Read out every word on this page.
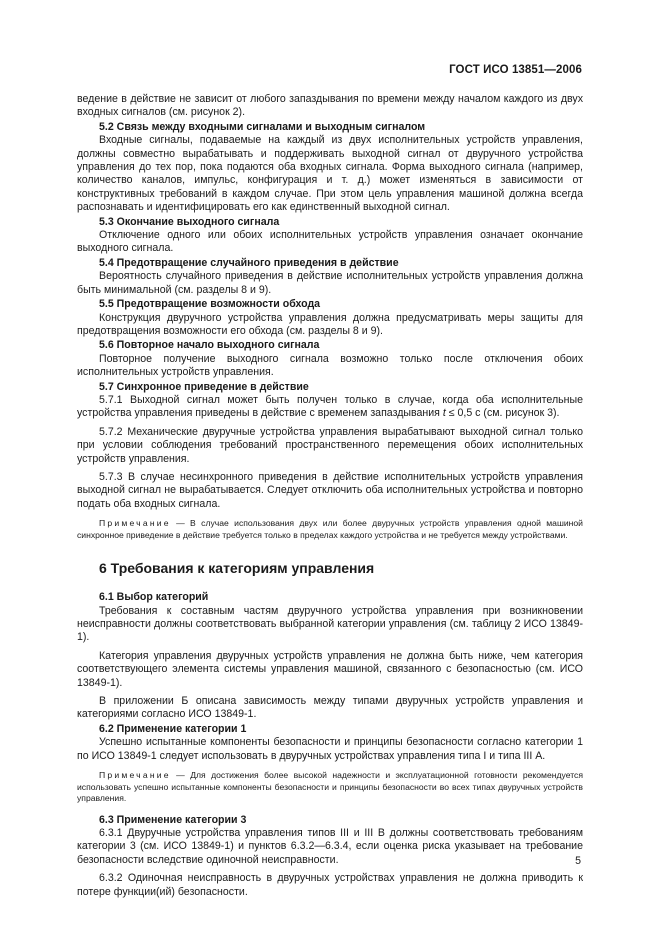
ГОСТ ИСО 13851—2006

ведение в действие не зависит от любого запаздывания по времени между началом каждого из двух входных сигналов (см. рисунок 2).

5.2 Связь между входными сигналами и выходным сигналом

Входные сигналы, подаваемые на каждый из двух исполнительных устройств управления, должны совместно вырабатывать и поддерживать выходной сигнал от двуручного устройства управления до тех пор, пока подаются оба входных сигнала. Форма выходного сигнала (например, количество каналов, импульс, конфигурация и т. д.) может изменяться в зависимости от конструктивных требований в каждом случае. При этом цель управления машиной должна всегда распознавать и идентифицировать его как единственный выходной сигнал.

5.3 Окончание выходного сигнала

Отключение одного или обоих исполнительных устройств управления означает окончание выходного сигнала.

5.4 Предотвращение случайного приведения в действие

Вероятность случайного приведения в действие исполнительных устройств управления должна быть минимальной (см. разделы 8 и 9).

5.5 Предотвращение возможности обхода

Конструкция двуручного устройства управления должна предусматривать меры защиты для предотвращения возможности его обхода (см. разделы 8 и 9).

5.6 Повторное начало выходного сигнала

Повторное получение выходного сигнала возможно только после отключения обоих исполнительных устройств управления.

5.7 Синхронное приведение в действие

5.7.1 Выходной сигнал может быть получен только в случае, когда оба исполнительные устройства управления приведены в действие с временем запаздывания t ≤ 0,5 с (см. рисунок 3).

5.7.2 Механические двуручные устройства управления вырабатывают выходной сигнал только при условии соблюдения требований пространственного перемещения обоих исполнительных устройств управления.

5.7.3 В случае несинхронного приведения в действие исполнительных устройств управления выходной сигнал не вырабатывается. Следует отключить оба исполнительных устройства и повторно подать оба входных сигнала.

Примечание — В случае использования двух или более двуручных устройств управления одной машиной синхронное приведение в действие требуется только в пределах каждого устройства и не требуется между устройствами.

6 Требования к категориям управления

6.1 Выбор категорий

Требования к составным частям двуручного устройства управления при возникновении неисправности должны соответствовать выбранной категории управления (см. таблицу 2 ИСО 13849-1).

Категория управления двуручных устройств управления не должна быть ниже, чем категория соответствующего элемента системы управления машиной, связанного с безопасностью (см. ИСО 13849-1).

В приложении Б описана зависимость между типами двуручных устройств управления и категориями согласно ИСО 13849-1.

6.2 Применение категории 1

Успешно испытанные компоненты безопасности и принципы безопасности согласно категории 1 по ИСО 13849-1 следует использовать в двуручных устройствах управления типа I и типа III А.

Примечание — Для достижения более высокой надежности и эксплуатационной готовности рекомендуется использовать успешно испытанные компоненты безопасности и принципы безопасности во всех типах двуручных устройств управления.

6.3 Применение категории 3

6.3.1 Двуручные устройства управления типов III и III В должны соответствовать требованиям категории 3 (см. ИСО 13849-1) и пунктов 6.3.2—6.3.4, если оценка риска указывает на требование безопасности вследствие одиночной неисправности.

6.3.2 Одиночная неисправность в двуручных устройствах управления не должна приводить к потере функции(ий) безопасности.

5
